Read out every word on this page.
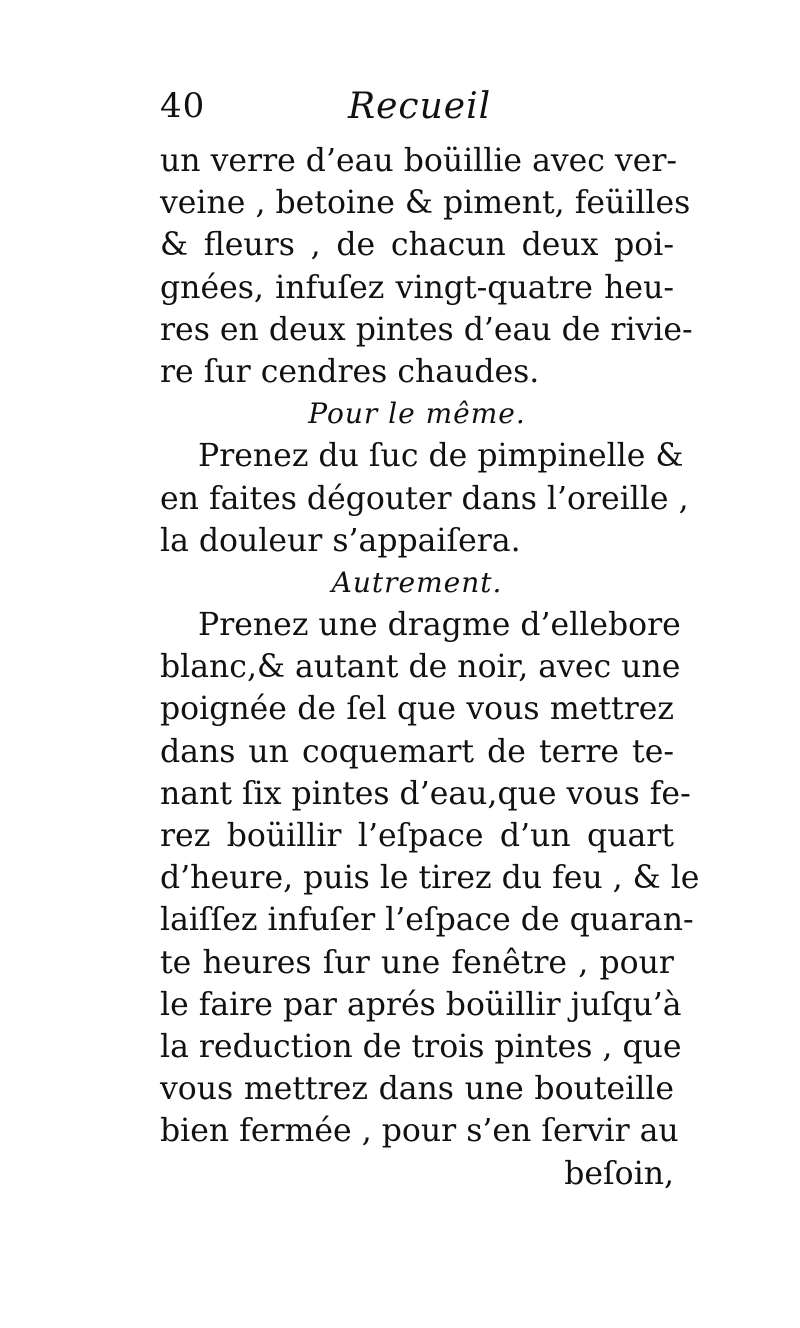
40	Recueil
un verre d’eau boüillie avec ver-
veine , betoine & piment, feüilles
& fleurs , de chacun deux poi-
gnées, infuſez vingt-quatre heu-
res en deux pintes d’eau de rivie-
re ſur cendres chaudes.
Pour le même.
Prenez du ſuc de pimpinelle &
en faites dégouter dans l’oreille ,
la douleur s’appaiſera.
Autrement.
Prenez une dragme d’ellebore
blanc,& autant de noir, avec une
poignée de ſel que vous mettrez
dans un coquemart de terre te-
nant ſix pintes d’eau,que vous fe-
rez boüillir l’eſpace d’un quart
d’heure, puis le tirez du feu , & le
laiſſez infuſer l’eſpace de quaran-
te heures ſur une fenêtre , pour
le faire par aprés boüillir juſqu’à
la reduction de trois pintes , que
vous mettrez dans une bouteille
bien fermée , pour s’en ſervir au
beſoin,
